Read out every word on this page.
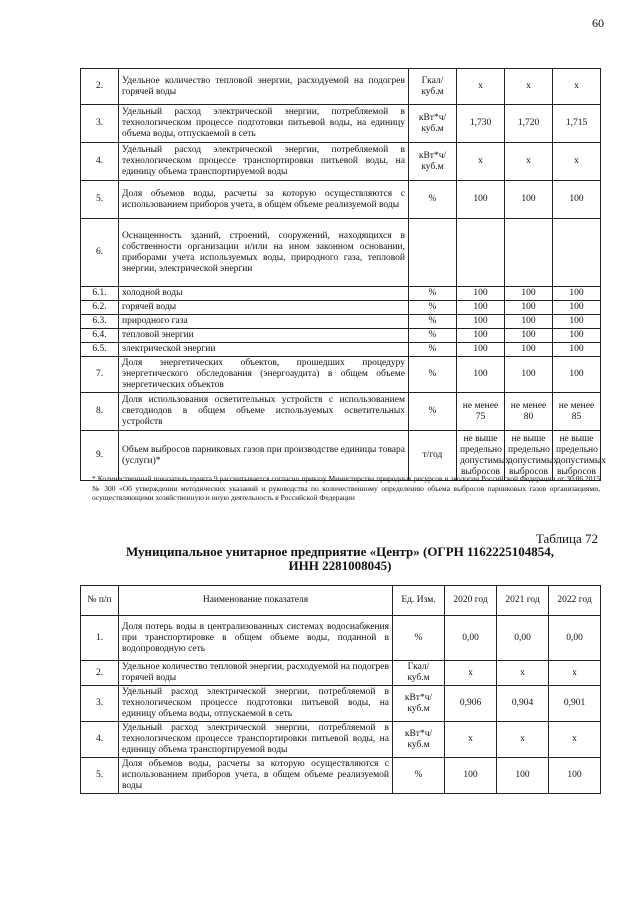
60
2.	Удельное количество тепловой энергии, расходуемой на подогрев горячей воды	Гкал/ куб.м	x	x	x
3.	Удельный расход электрической энергии, потребляемой в технологическом процессе подготовки питьевой воды, на единицу объема воды, отпускаемой в сеть	кВт*ч/ куб.м	1,730	1,720	1,715
4.	Удельный расход электрической энергии, потребляемой в технологическом процессе транспортировки питьевой воды, на единицу объема транспортируемой воды	кВт*ч/ куб.м	x	x	x
5.	Доля объемов воды, расчеты за которую осуществляются с использованием приборов учета, в общем объеме реализуемой воды	%	100	100	100
6.	Оснащенность зданий, строений, сооружений, находящихся в собственности организации и/или на ином законном основании, приборами учета используемых воды, природного газа, тепловой энергии, электрической энергии				
6.1.	холодной воды	%	100	100	100
6.2.	горячей воды	%	100	100	100
6.3.	природного газа	%	100	100	100
6.4.	тепловой энергии	%	100	100	100
6.5.	электрической энергии	%	100	100	100
7.	Доля энергетических объектов, прошедших процедуру энергетического обследования (энергоаудита) в общем объеме энергетических объектов	%	100	100	100
8.	Доля использования осветительных устройств с использованием светодиодов в общем объеме используемых осветительных устройств	%	не менее 75	не менее 80	не менее 85
9.	Объем выбросов парниковых газов при производстве единицы товара (услуги)*	т/год	не выше предельно допустимых выбросов	не выше предельно допустимых выбросов	не выше предельно допустимых выбросов
* Количественный показатель пункта 9 рассчитывается согласно приказу Министерства природных ресурсов и экологии Российской Федерации от 30.06.2015 № 300 «Об утверждении методических указаний и руководства по количественному определению объема выбросов парниковых газов организациями, осуществляющими хозяйственную и иную деятельность в Российской Федерации
Таблица 72
Муниципальное унитарное предприятие «Центр» (ОГРН 1162225104854, ИНН 2281008045)
№ п/п	Наименование показателя	Ед. Изм.	2020 год	2021 год	2022 год
1.	Доля потерь воды в централизованных системах водоснабжения при транспортировке в общем объеме воды, поданной в водопроводную сеть	%	0,00	0,00	0,00
2.	Удельное количество тепловой энергии, расходуемой на подогрев горячей воды	Гкал/ куб.м	x	x	x
3.	Удельный расход электрической энергии, потребляемой в технологическом процессе подготовки питьевой воды, на единицу объема воды, отпускаемой в сеть	кВт*ч/ куб.м	0,906	0,904	0,901
4.	Удельный расход электрической энергии, потребляемой в технологическом процессе транспортировки питьевой воды, на единицу объема транспортируемой воды	кВт*ч/ куб.м	x	x	x
5.	Доля объемов воды, расчеты за которую осуществляются с использованием приборов учета, в общем объеме реализуемой воды	%	100	100	100
